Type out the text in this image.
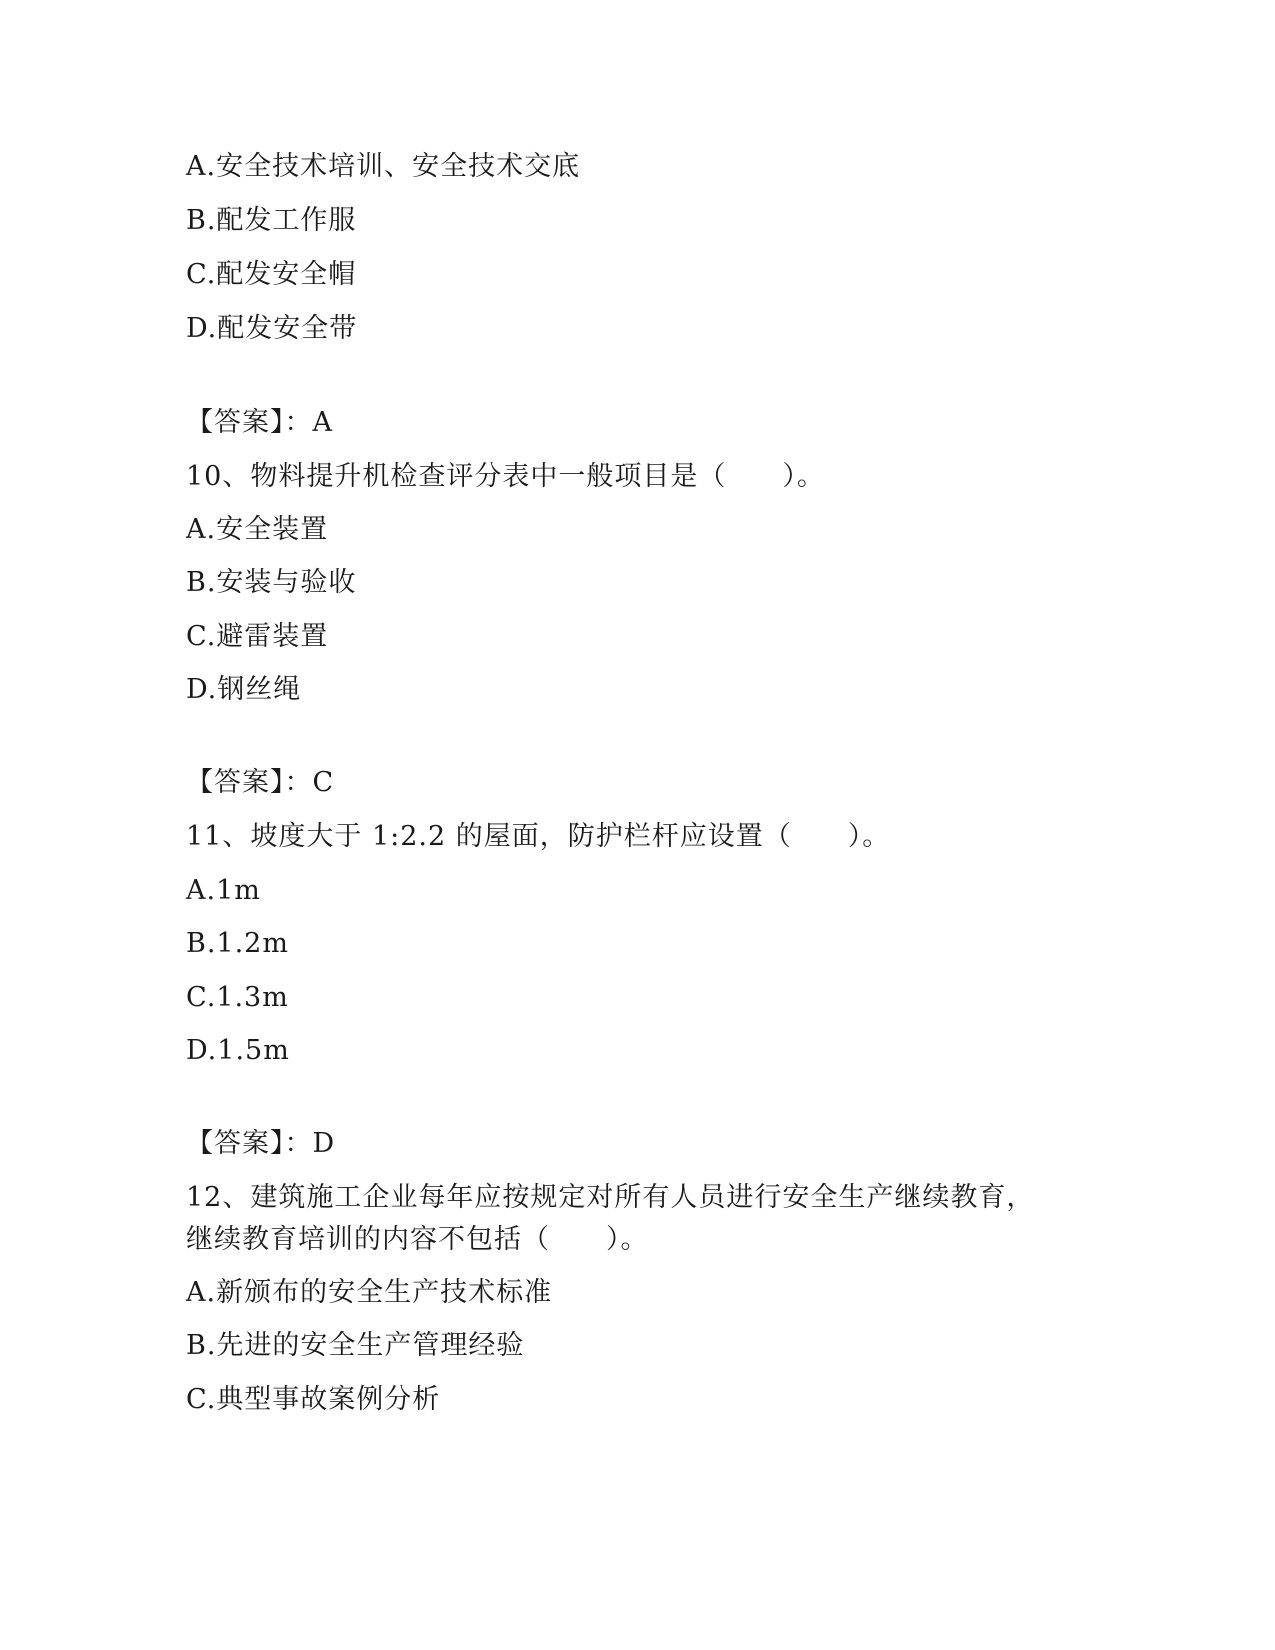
A.安全技术培训、安全技术交底
B.配发工作服
C.配发安全帽
D.配发安全带
【答案】：A
10、物料提升机检查评分表中一般项目是（　　）。
A.安全装置
B.安装与验收
C.避雷装置
D.钢丝绳
【答案】：C
11、坡度大于 1:2.2 的屋面，防护栏杆应设置（　　）。
A.1m
B.1.2m
C.1.3m
D.1.5m
【答案】：D
12、建筑施工企业每年应按规定对所有人员进行安全生产继续教育，
继续教育培训的内容不包括（　　）。
A.新颁布的安全生产技术标准
B.先进的安全生产管理经验
C.典型事故案例分析
